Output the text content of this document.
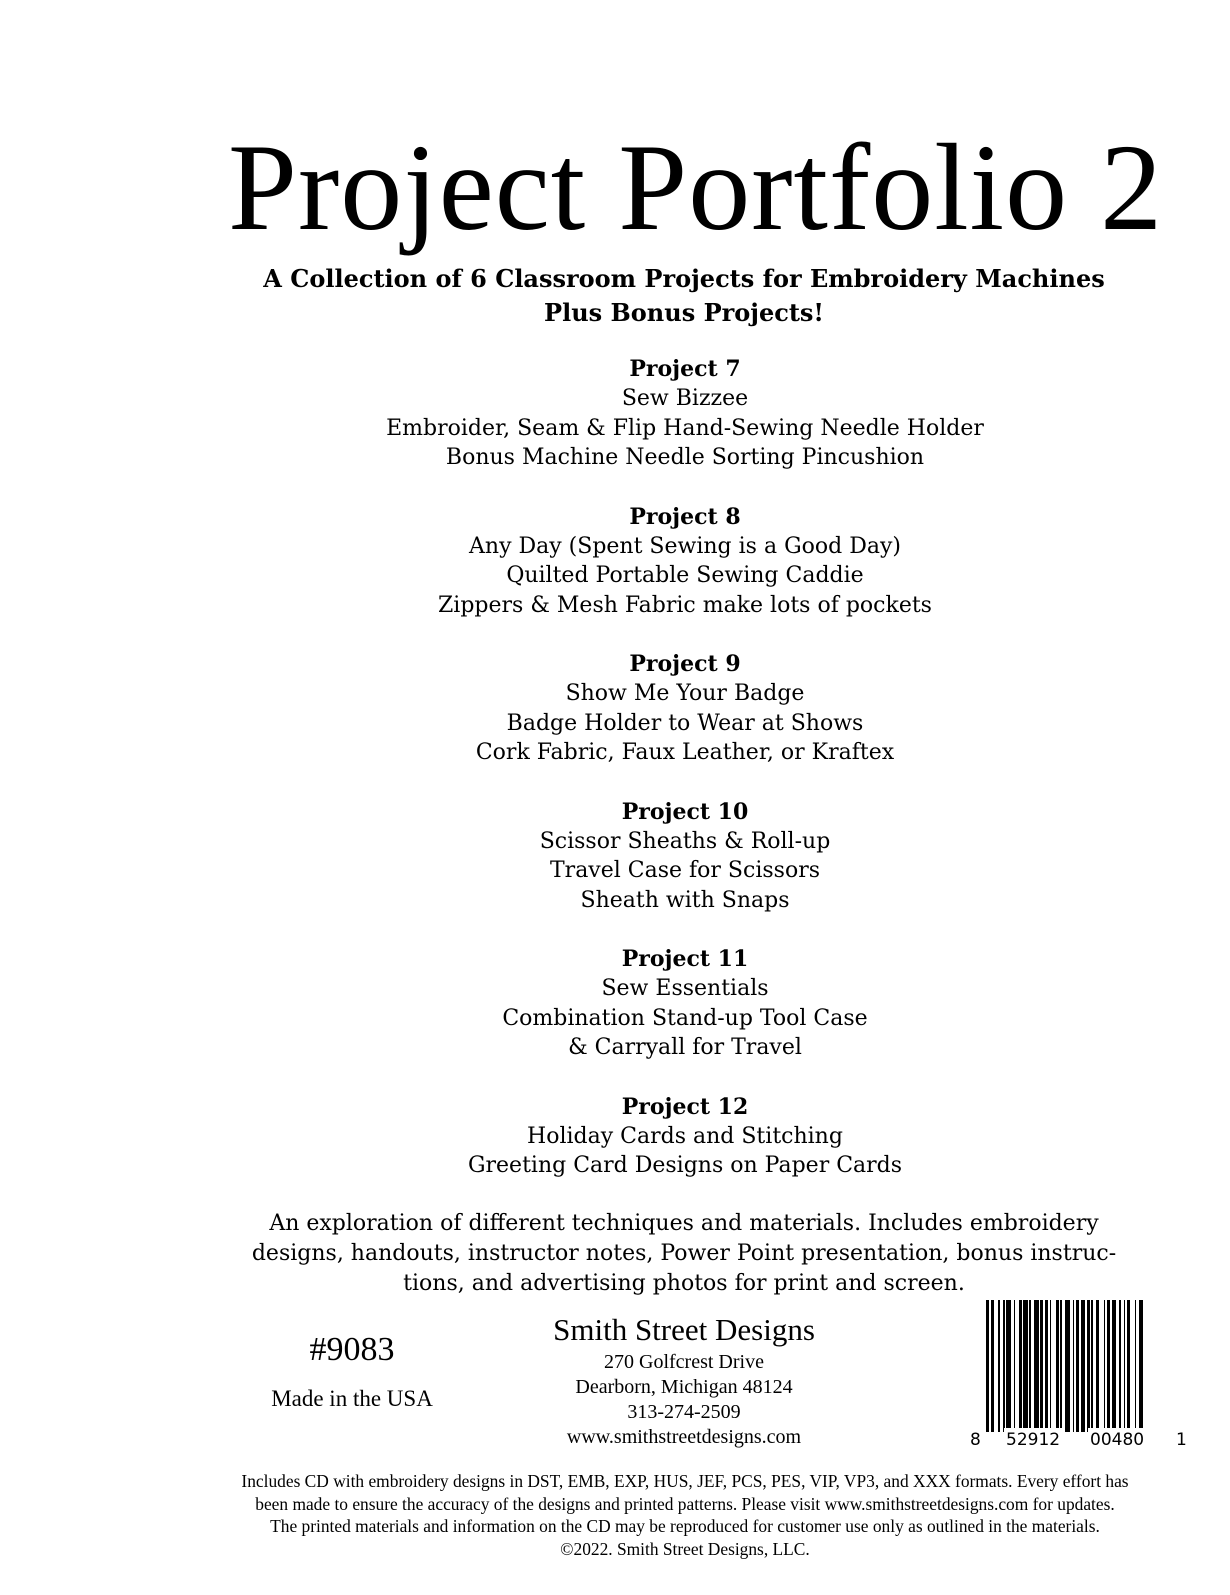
Project Portfolio 2
A Collection of 6 Classroom Projects for Embroidery Machines
Plus Bonus Projects!
Project 7
Sew Bizzee
Embroider, Seam & Flip Hand-Sewing Needle Holder
Bonus Machine Needle Sorting Pincushion
Project 8
Any Day (Spent Sewing is a Good Day)
Quilted Portable Sewing Caddie
Zippers & Mesh Fabric make lots of pockets
Project 9
Show Me Your Badge
Badge Holder to Wear at Shows
Cork Fabric, Faux Leather, or Kraftex
Project 10
Scissor Sheaths & Roll-up
Travel Case for Scissors
Sheath with Snaps
Project 11
Sew Essentials
Combination Stand-up Tool Case
& Carryall for Travel
Project 12
Holiday Cards and Stitching
Greeting Card Designs on Paper Cards
An exploration of different techniques and materials. Includes embroidery
designs, handouts, instructor notes, Power Point presentation, bonus instruc-
tions, and advertising photos for print and screen.
#9083
Made in the USA
Smith Street Designs
270 Golfcrest Drive
Dearborn, Michigan 48124
313-274-2509
www.smithstreetdesigns.com	8 52912 00480 1
Includes CD with embroidery designs in DST, EMB, EXP, HUS, JEF, PCS, PES, VIP, VP3, and XXX formats. Every effort has
been made to ensure the accuracy of the designs and printed patterns. Please visit www.smithstreetdesigns.com for updates.
The printed materials and information on the CD may be reproduced for customer use only as outlined in the materials.
©2022. Smith Street Designs, LLC.
